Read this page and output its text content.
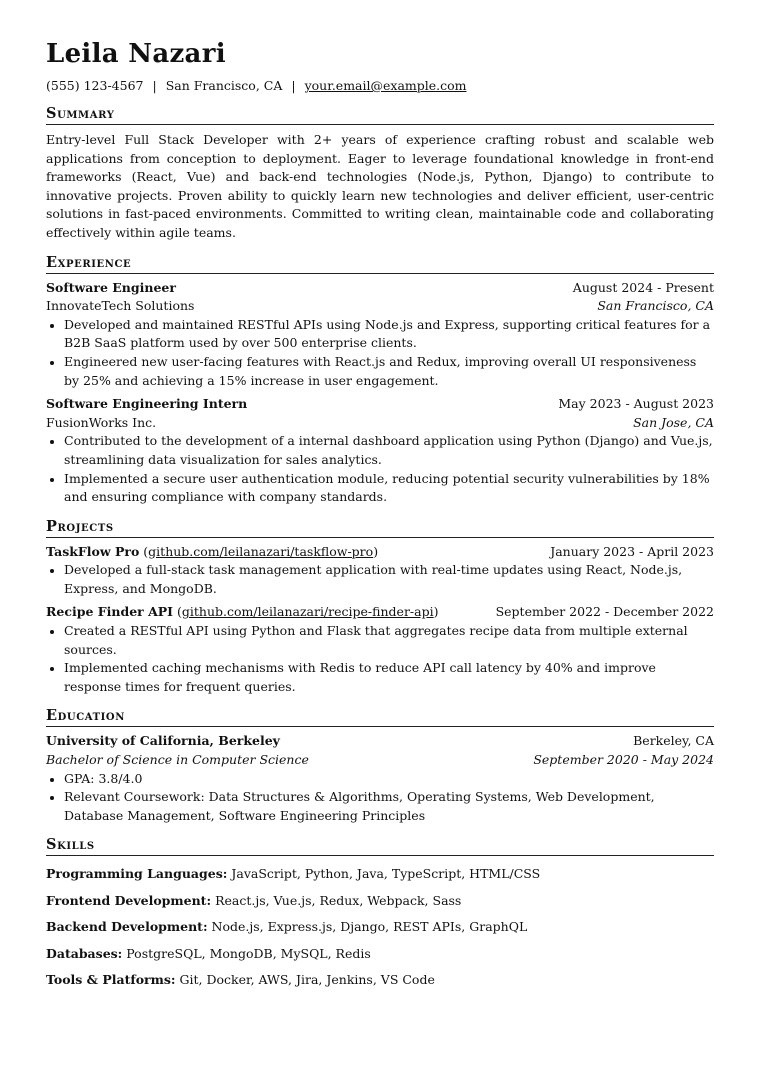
Leila Nazari
(555) 123-4567 | San Francisco, CA | your.email@example.com
Summary
Entry-level Full Stack Developer with 2+ years of experience crafting robust and scalable web applications from conception to deployment. Eager to leverage foundational knowledge in front-end frameworks (React, Vue) and back-end technologies (Node.js, Python, Django) to contribute to innovative projects. Proven ability to quickly learn new technologies and deliver efficient, user-centric solutions in fast-paced environments. Committed to writing clean, maintainable code and collaborating effectively within agile teams.
Experience
Software Engineer	August 2024 - Present
InnovateTech Solutions	San Francisco, CA
Developed and maintained RESTful APIs using Node.js and Express, supporting critical features for a B2B SaaS platform used by over 500 enterprise clients.
Engineered new user-facing features with React.js and Redux, improving overall UI responsiveness by 25% and achieving a 15% increase in user engagement.
Software Engineering Intern	May 2023 - August 2023
FusionWorks Inc.	San Jose, CA
Contributed to the development of a internal dashboard application using Python (Django) and Vue.js, streamlining data visualization for sales analytics.
Implemented a secure user authentication module, reducing potential security vulnerabilities by 18% and ensuring compliance with company standards.
Projects
TaskFlow Pro (github.com/leilanazari/taskflow-pro)	January 2023 - April 2023
Developed a full-stack task management application with real-time updates using React, Node.js, Express, and MongoDB.
Recipe Finder API (github.com/leilanazari/recipe-finder-api)	September 2022 - December 2022
Created a RESTful API using Python and Flask that aggregates recipe data from multiple external sources.
Implemented caching mechanisms with Redis to reduce API call latency by 40% and improve response times for frequent queries.
Education
University of California, Berkeley	Berkeley, CA
Bachelor of Science in Computer Science	September 2020 - May 2024
GPA: 3.8/4.0
Relevant Coursework: Data Structures & Algorithms, Operating Systems, Web Development, Database Management, Software Engineering Principles
Skills
Programming Languages: JavaScript, Python, Java, TypeScript, HTML/CSS
Frontend Development: React.js, Vue.js, Redux, Webpack, Sass
Backend Development: Node.js, Express.js, Django, REST APIs, GraphQL
Databases: PostgreSQL, MongoDB, MySQL, Redis
Tools & Platforms: Git, Docker, AWS, Jira, Jenkins, VS Code
